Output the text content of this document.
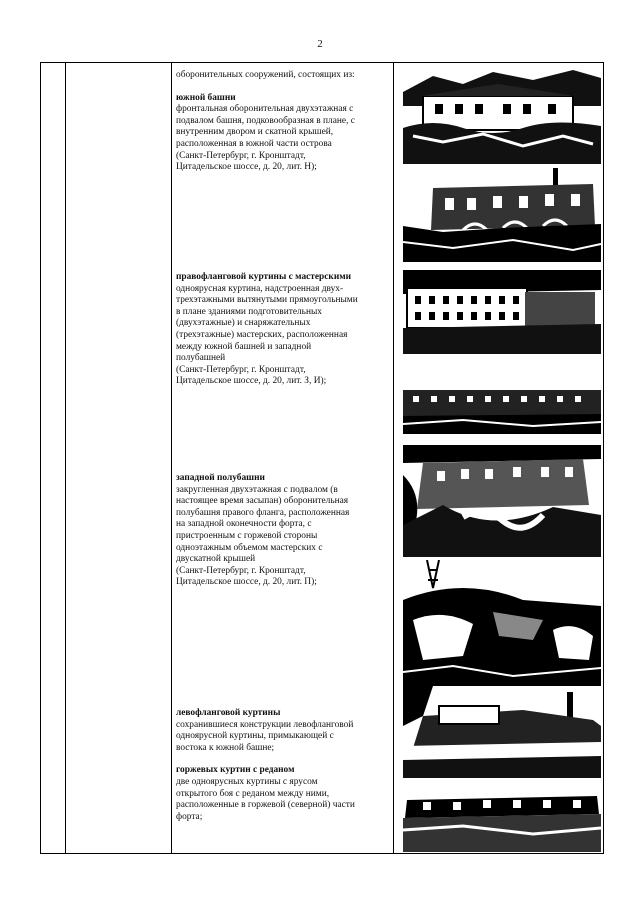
2
оборонительных сооружений, состоящих из:
южной башни
фронтальная оборонительная двухэтажная с
подвалом башня, подковообразная в плане, с
внутренним двором и скатной крышей,
расположенная в южной части острова
(Санкт-Петербург, г. Кронштадт,
Цитадельское шоссе, д. 20, лит. Н);
правофланговой куртины с мастерскими
одноярусная куртина, надстроенная двух-
трехэтажными вытянутыми прямоугольными
в плане зданиями подготовительных
(двухэтажные) и снаряжательных
(трехэтажные) мастерских, расположенная
между южной башней и западной
полубашней
(Санкт-Петербург, г. Кронштадт,
Цитадельское шоссе, д. 20, лит. З, И);
западной полубашни
закругленная двухэтажная с подвалом (в
настоящее время засыпан) оборонительная
полубашня правого фланга, расположенная
на западной оконечности форта, с
пристроенным с горжевой стороны
одноэтажным объемом мастерских с
двускатной крышей
(Санкт-Петербург, г. Кронштадт,
Цитадельское шоссе, д. 20, лит. П);
левофланговой куртины
сохранившиеся конструкции левофланговой
одноярусной куртины, примыкающей с
востока к южной башне;
горжевых куртин с реданом
две одноярусных куртины с ярусом
открытого боя с реданом между ними,
расположенные в горжевой (северной) части
форта;
